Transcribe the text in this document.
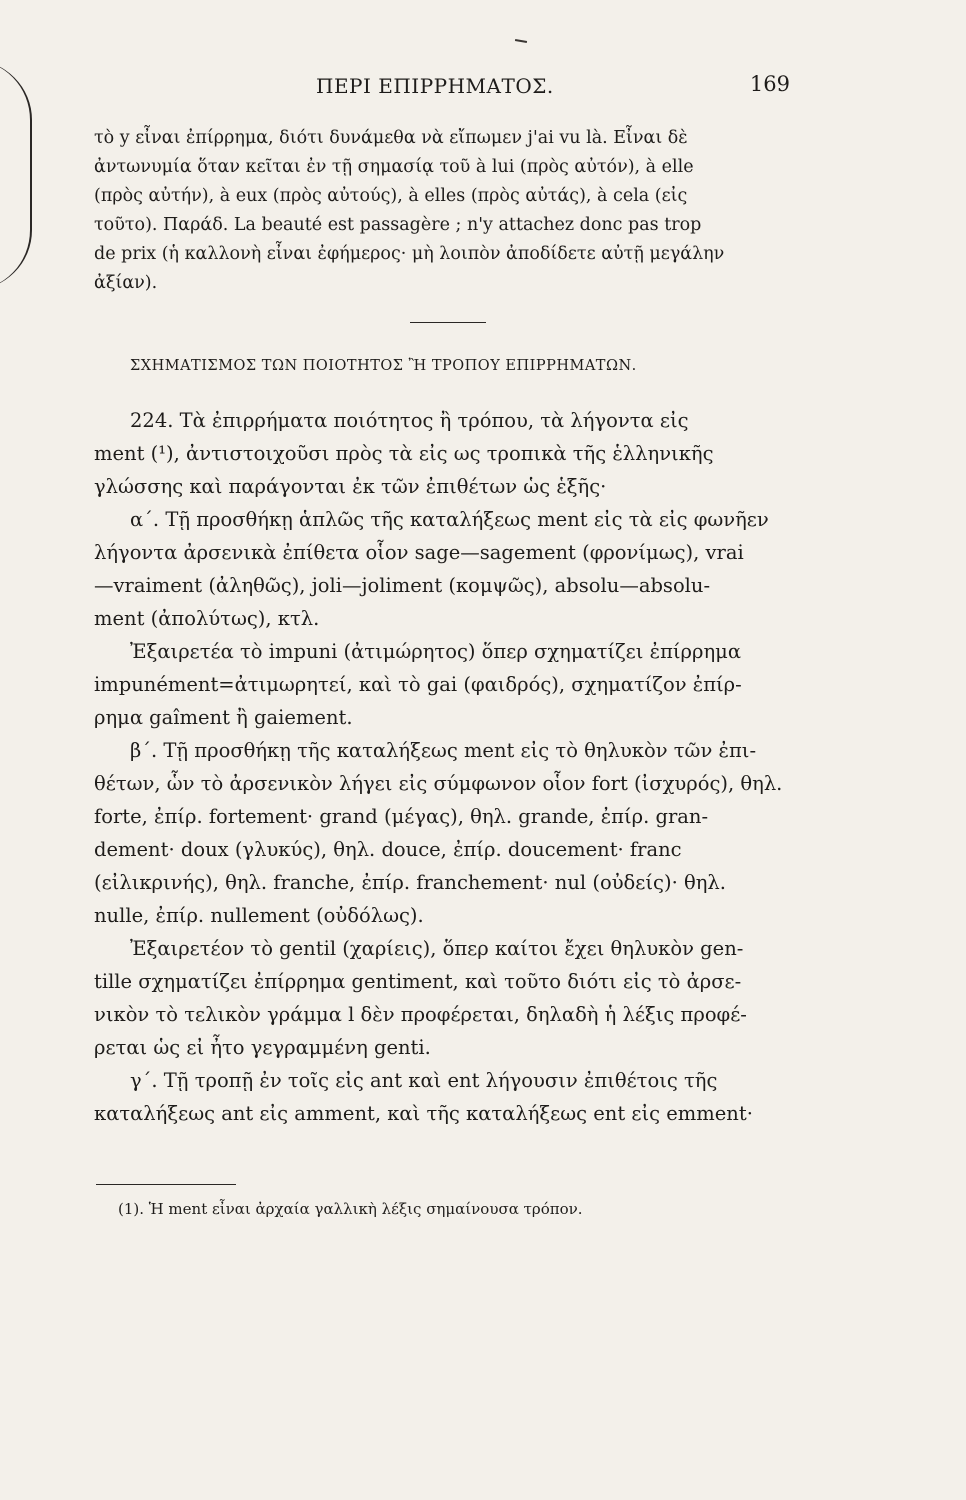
ΠΕΡΙ ΕΠΙΡΡΗΜΑΤΟΣ.	169
τὸ y εἶναι ἐπίρρημα, διότι δυνάμεθα νὰ εἴπωμεν j'ai vu là. Εἶναι δὲ
ἀντωνυμία ὅταν κεῖται ἐν τῇ σημασίᾳ τοῦ à lui (πρὸς αὐτόν), à elle
(πρὸς αὐτήν), à eux (πρὸς αὐτούς), à elles (πρὸς αὐτάς), à cela (εἰς
τοῦτο). Παράδ. La beauté est passagère ; n'y attachez donc pas trop
de prix (ἡ καλλονὴ εἶναι ἐφήμερος· μὴ λοιπὸν ἀποδίδετε αὐτῇ μεγάλην
ἀξίαν).
ΣΧΗΜΑΤΙΣΜΟΣ ΤΩΝ ΠΟΙΟΤΗΤΟΣ Ἢ ΤΡΟΠΟΥ ΕΠΙΡΡΗΜΑΤΩΝ.
224. Τὰ ἐπιρρήματα ποιότητος ἢ τρόπου, τὰ λήγοντα εἰς
ment (¹), ἀντιστοιχοῦσι πρὸς τὰ εἰς ως τροπικὰ τῆς ἑλληνικῆς
γλώσσης καὶ παράγονται ἐκ τῶν ἐπιθέτων ὡς ἑξῆς·
α΄. Τῇ προσθήκῃ ἁπλῶς τῆς καταλήξεως ment εἰς τὰ εἰς φωνῆεν
λήγοντα ἀρσενικὰ ἐπίθετα οἷον sage—sagement (φρονίμως), vrai
—vraiment (ἀληθῶς), joli—joliment (κομψῶς), absolu—absolu-
ment (ἀπολύτως), κτλ.
Ἐξαιρετέα τὸ impuni (ἀτιμώρητος) ὅπερ σχηματίζει ἐπίρρημα
impunément=ἀτιμωρητεί, καὶ τὸ gai (φαιδρός), σχηματίζον ἐπίρ-
ρημα gaîment ἢ gaiement.
β΄. Τῇ προσθήκῃ τῆς καταλήξεως ment εἰς τὸ θηλυκὸν τῶν ἐπι-
θέτων, ὧν τὸ ἀρσενικὸν λήγει εἰς σύμφωνον οἷον fort (ἰσχυρός), θηλ.
forte, ἐπίρ. fortement· grand (μέγας), θηλ. grande, ἐπίρ. gran-
dement· doux (γλυκύς), θηλ. douce, ἐπίρ. doucement· franc
(εἰλικρινής), θηλ. franche, ἐπίρ. franchement· nul (οὐδείς)· θηλ.
nulle, ἐπίρ. nullement (οὐδόλως).
Ἐξαιρετέον τὸ gentil (χαρίεις), ὅπερ καίτοι ἔχει θηλυκὸν gen-
tille σχηματίζει ἐπίρρημα gentiment, καὶ τοῦτο διότι εἰς τὸ ἀρσε-
νικὸν τὸ τελικὸν γράμμα l δὲν προφέρεται, δηλαδὴ ἡ λέξις προφέ-
ρεται ὡς εἰ ἦτο γεγραμμένη genti.
γ΄. Τῇ τροπῇ ἐν τοῖς εἰς ant καὶ ent λήγουσιν ἐπιθέτοις τῆς
καταλήξεως ant εἰς amment, καὶ τῆς καταλήξεως ent εἰς emment·
(1). Ἡ ment εἶναι ἀρχαία γαλλικὴ λέξις σημαίνουσα τρόπον.
